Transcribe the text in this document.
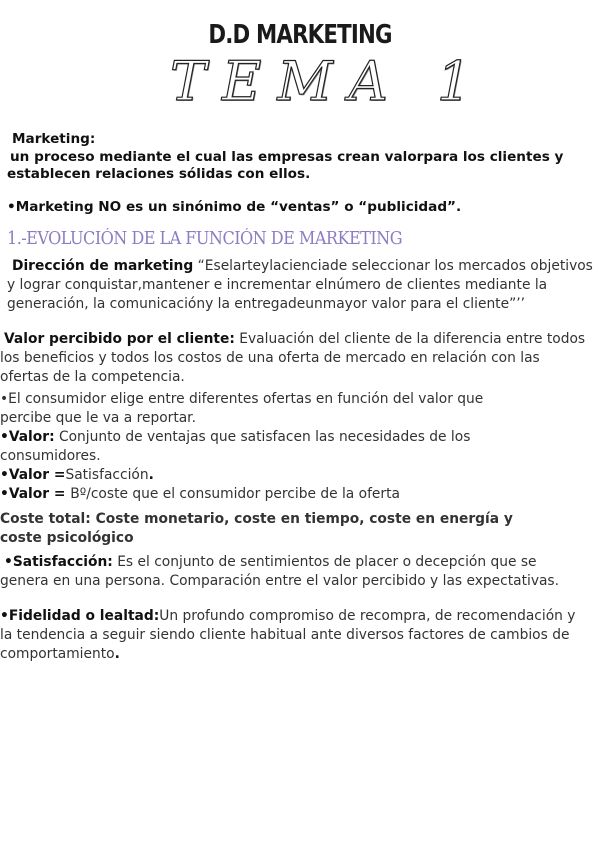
D.D MARKETING
TEMA 1
Marketing:
un proceso mediante el cual las empresas crean valorpara los clientes y
establecen relaciones sólidas con ellos.
•Marketing NO es un sinónimo de “ventas” o “publicidad”.
1.-EVOLUCIÓN DE LA FUNCIÓN DE MARKETING
Dirección de marketing “Eselarteylacienciade seleccionar los mercados objetivos
y lograr conquistar,mantener e incrementar elnúmero de clientes mediante la
generación, la comunicacióny la entregadeunmayor valor para el cliente”’’
Valor percibido por el cliente: Evaluación del cliente de la diferencia entre todos
los beneficios y todos los costos de una oferta de mercado en relación con las
ofertas de la competencia.
•El consumidor elige entre diferentes ofertas en función del valor que
percibe que le va a reportar.
•Valor: Conjunto de ventajas que satisfacen las necesidades de los
consumidores.
•Valor =Satisfacción.
•Valor = Bº/coste que el consumidor percibe de la oferta
Coste total: Coste monetario, coste en tiempo, coste en energía y
coste psicológico
•Satisfacción: Es el conjunto de sentimientos de placer o decepción que se
genera en una persona. Comparación entre el valor percibido y las expectativas.
•Fidelidad o lealtad:Un profundo compromiso de recompra, de recomendación y
la tendencia a seguir siendo cliente habitual ante diversos factores de cambios de
comportamiento.
